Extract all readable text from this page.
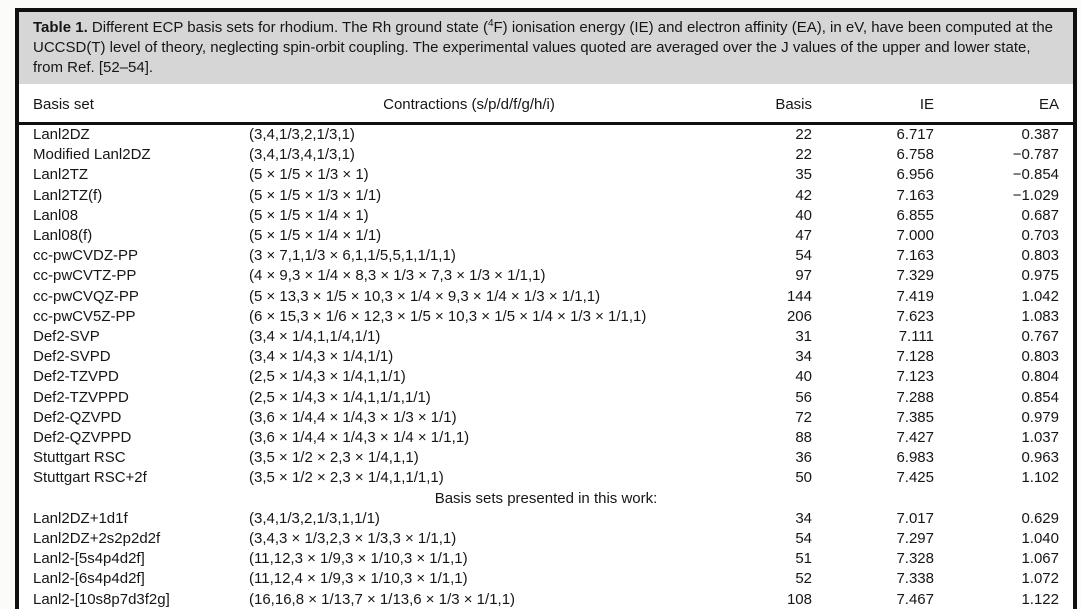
Table 1. Different ECP basis sets for rhodium. The Rh ground state ($^4$F) ionisation energy (IE) and electron affinity (EA), in eV, have been computed at the UCCSD(T) level of theory, neglecting spin-orbit coupling. The experimental values quoted are averaged over the J values of the upper and lower state, from Ref. [52–54].
Basis set	Contractions (s/p/d/f/g/h/i)	Basis	IE	EA
Lanl2DZ	(3,4,1/3,2,1/3,1)	22	6.717	0.387
Modified Lanl2DZ	(3,4,1/3,4,1/3,1)	22	6.758	−0.787
Lanl2TZ	(5 × 1/5 × 1/3 × 1)	35	6.956	−0.854
Lanl2TZ(f)	(5 × 1/5 × 1/3 × 1/1)	42	7.163	−1.029
Lanl08	(5 × 1/5 × 1/4 × 1)	40	6.855	0.687
Lanl08(f)	(5 × 1/5 × 1/4 × 1/1)	47	7.000	0.703
cc-pwCVDZ-PP	(3 × 7,1,1/3 × 6,1,1/5,5,1,1/1,1)	54	7.163	0.803
cc-pwCVTZ-PP	(4 × 9,3 × 1/4 × 8,3 × 1/3 × 7,3 × 1/3 × 1/1,1)	97	7.329	0.975
cc-pwCVQZ-PP	(5 × 13,3 × 1/5 × 10,3 × 1/4 × 9,3 × 1/4 × 1/3 × 1/1,1)	144	7.419	1.042
cc-pwCV5Z-PP	(6 × 15,3 × 1/6 × 12,3 × 1/5 × 10,3 × 1/5 × 1/4 × 1/3 × 1/1,1)	206	7.623	1.083
Def2-SVP	(3,4 × 1/4,1,1/4,1/1)	31	7.111	0.767
Def2-SVPD	(3,4 × 1/4,3 × 1/4,1/1)	34	7.128	0.803
Def2-TZVPD	(2,5 × 1/4,3 × 1/4,1,1/1)	40	7.123	0.804
Def2-TZVPPD	(2,5 × 1/4,3 × 1/4,1,1/1,1/1)	56	7.288	0.854
Def2-QZVPD	(3,6 × 1/4,4 × 1/4,3 × 1/3 × 1/1)	72	7.385	0.979
Def2-QZVPPD	(3,6 × 1/4,4 × 1/4,3 × 1/4 × 1/1,1)	88	7.427	1.037
Stuttgart RSC	(3,5 × 1/2 × 2,3 × 1/4,1,1)	36	6.983	0.963
Stuttgart RSC+2f	(3,5 × 1/2 × 2,3 × 1/4,1,1/1,1)	50	7.425	1.102
Basis sets presented in this work:				
Lanl2DZ+1d1f	(3,4,1/3,2,1/3,1,1/1)	34	7.017	0.629
Lanl2DZ+2s2p2d2f	(3,4,3 × 1/3,2,3 × 1/3,3 × 1/1,1)	54	7.297	1.040
Lanl2-[5s4p4d2f]	(11,12,3 × 1/9,3 × 1/10,3 × 1/1,1)	51	7.328	1.067
Lanl2-[6s4p4d2f]	(11,12,4 × 1/9,3 × 1/10,3 × 1/1,1)	52	7.338	1.072
Lanl2-[10s8p7d3f2g]	(16,16,8 × 1/13,7 × 1/13,6 × 1/3 × 1/1,1)	108	7.467	1.122
